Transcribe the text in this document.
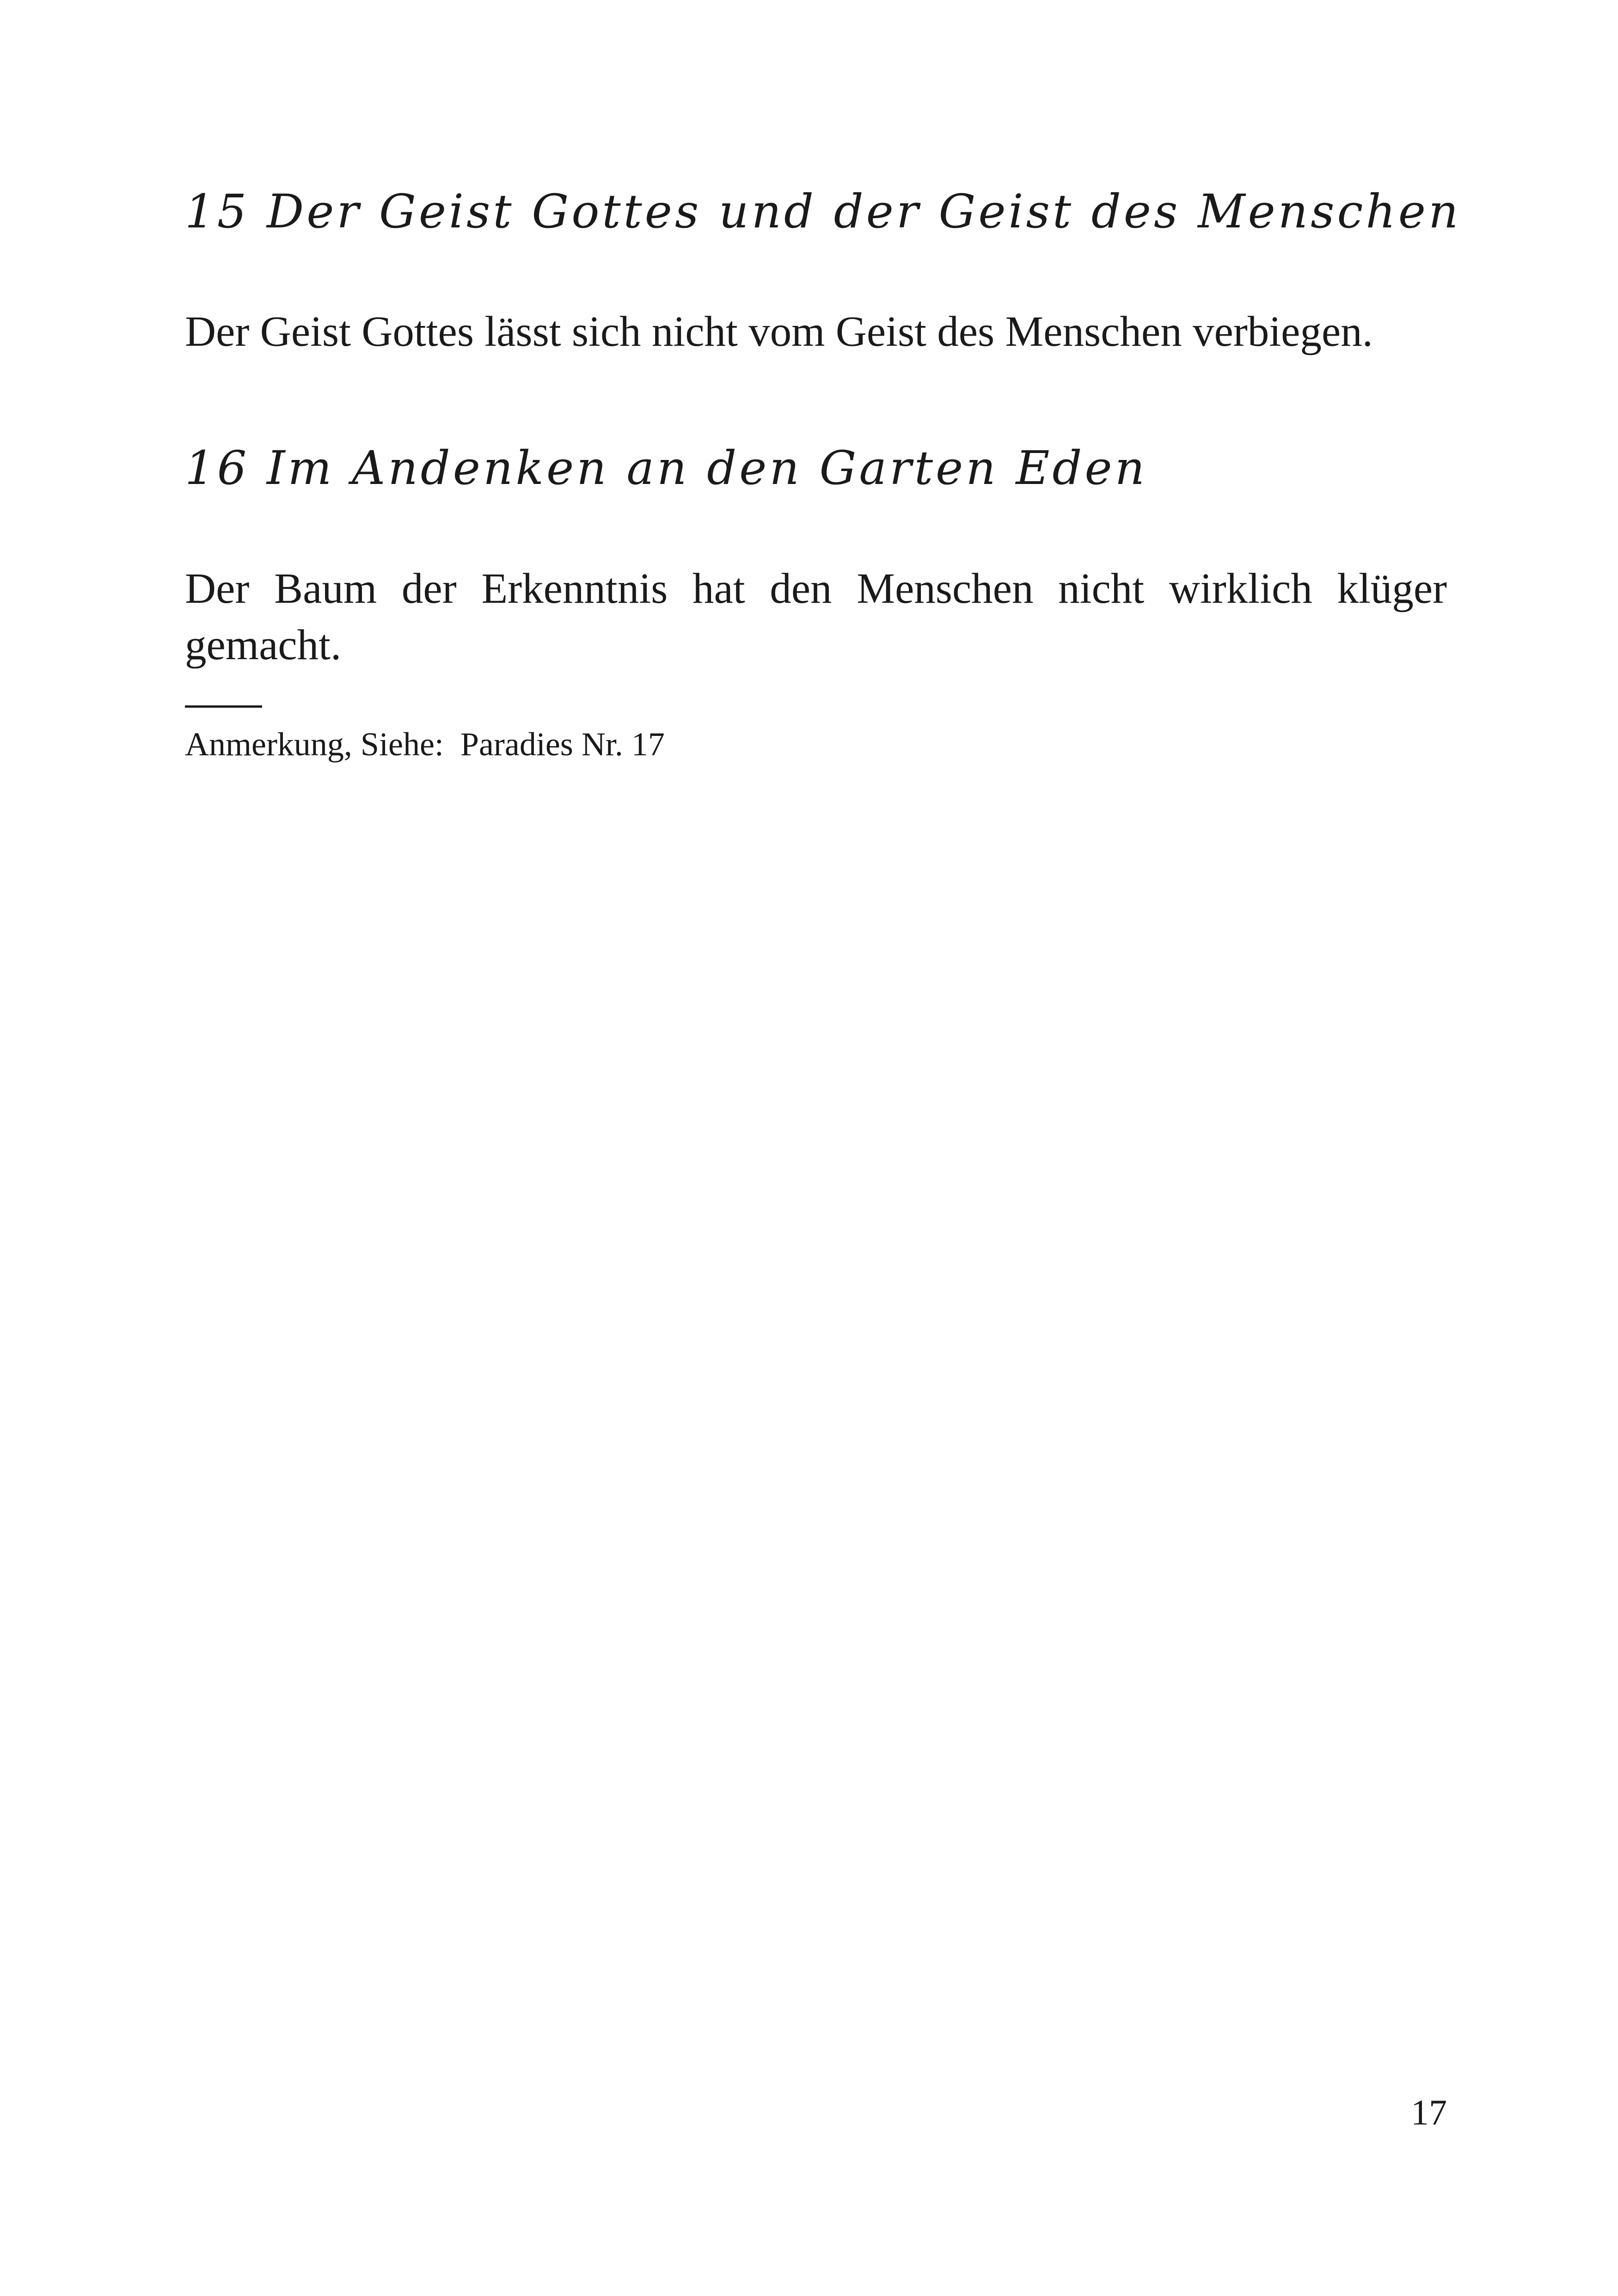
15 Der Geist Gottes und der Geist des Menschen

Der Geist Gottes lässt sich nicht vom Geist des Menschen verbiegen.

16 Im Andenken an den Garten Eden

Der Baum der Erkenntnis hat den Menschen nicht wirklich klüger gemacht.

Anmerkung, Siehe:  Paradies Nr. 17

17
